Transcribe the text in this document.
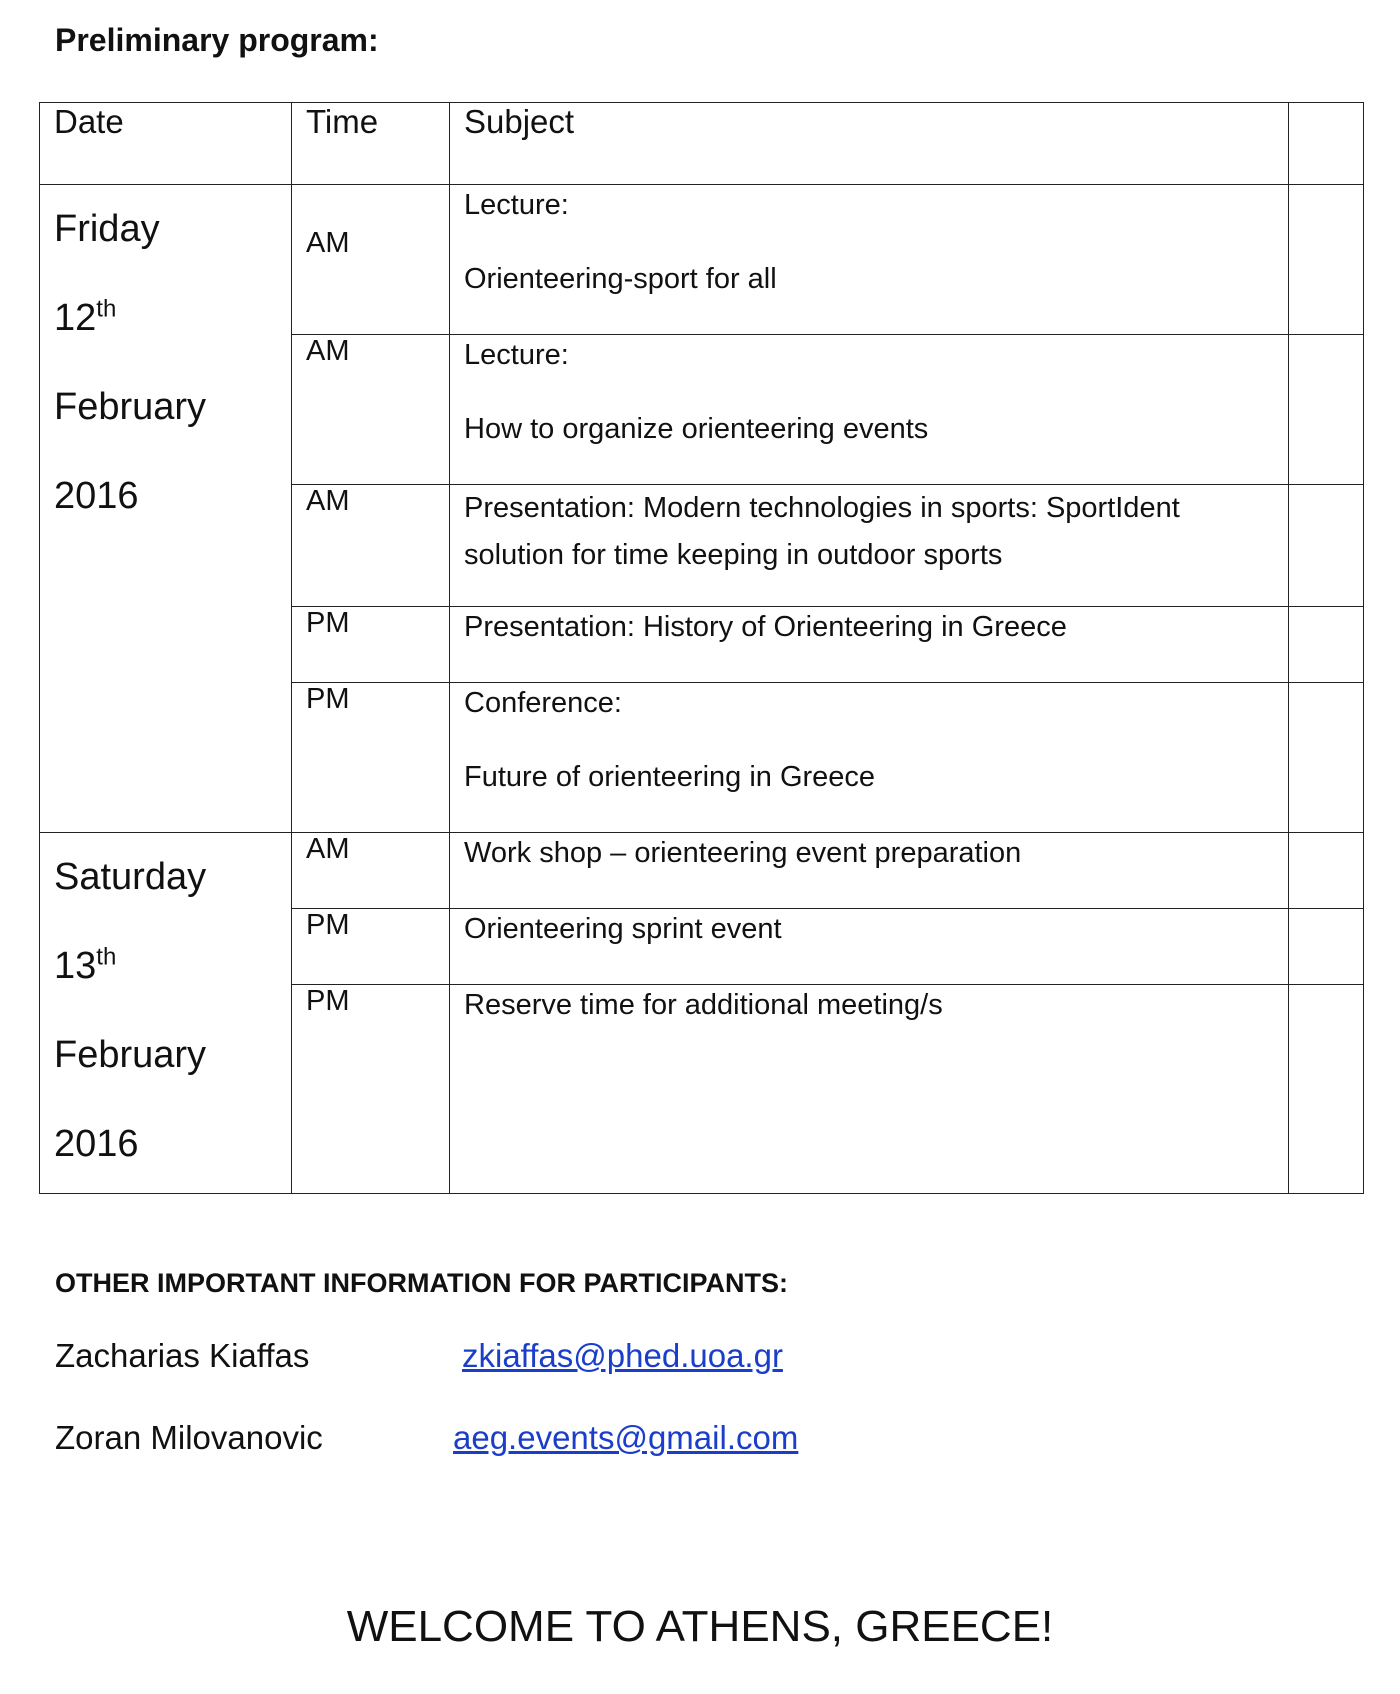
Preliminary program:
Date	Time	Subject	

Friday
12th
February
2016	AM	Lecture:
Orienteering-sport for all	

	AM	Lecture:
How to organize orienteering events	

	AM	Presentation: Modern technologies in sports: SportIdent
solution for time keeping in outdoor sports	

	PM	Presentation: History of Orienteering in Greece	

	PM	Conference:
Future of orienteering in Greece	

Saturday
13th
February
2016	AM	Work shop – orienteering event preparation	

	PM	Orienteering sprint event	

	PM	Reserve time for additional meeting/s	

OTHER IMPORTANT INFORMATION FOR PARTICIPANTS:
Zacharias Kiaffas	zkiaffas@phed.uoa.gr
Zoran Milovanovic	aeg.events@gmail.com
WELCOME TO ATHENS, GREECE!
